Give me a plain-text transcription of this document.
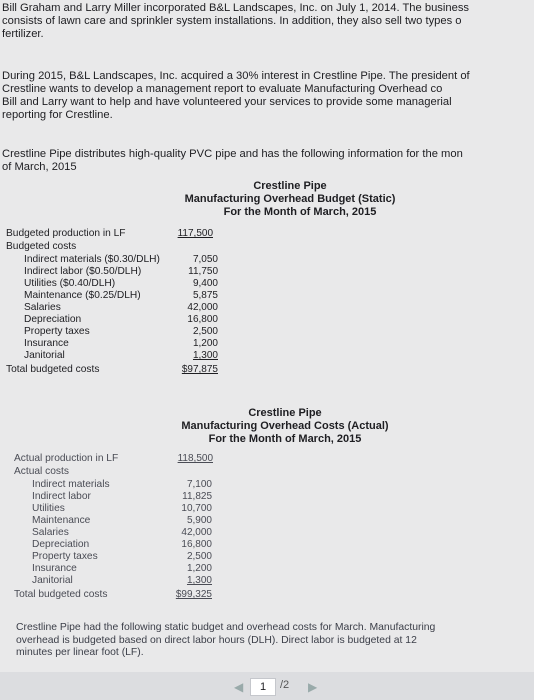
Bill Graham and Larry Miller incorporated B&L Landscapes, Inc. on July 1, 2014. The business
consists of lawn care and sprinkler system installations. In addition, they also sell two types o
fertilizer.
During 2015, B&L Landscapes, Inc. acquired a 30% interest in Crestline Pipe. The president of
Crestline wants to develop a management report to evaluate Manufacturing Overhead co
Bill and Larry want to help and have volunteered your services to provide some managerial
reporting for Crestline.
Crestline Pipe distributes high-quality PVC pipe and has the following information for the mon
of March, 2015
Crestline Pipe
Manufacturing Overhead Budget (Static)
For the Month of March, 2015
Budgeted production in LF	117,500
Budgeted costs
Indirect materials ($0.30/DLH)	7,050
Indirect labor ($0.50/DLH)	11,750
Utilities ($0.40/DLH)	9,400
Maintenance ($0.25/DLH)	5,875
Salaries	42,000
Depreciation	16,800
Property taxes	2,500
Insurance	1,200
Janitorial	1,300
Total budgeted costs	$97,875
Crestline Pipe
Manufacturing Overhead Costs (Actual)
For the Month of March, 2015
Actual production in LF	118,500
Actual costs
Indirect materials	7,100
Indirect labor	11,825
Utilities	10,700
Maintenance	5,900
Salaries	42,000
Depreciation	16,800
Property taxes	2,500
Insurance	1,200
Janitorial	1,300
Total budgeted costs	$99,325
Crestline Pipe had the following static budget and overhead costs for March. Manufacturing
overhead is budgeted based on direct labor hours (DLH). Direct labor is budgeted at 12
minutes per linear foot (LF).
◀	1	/2 ▶
